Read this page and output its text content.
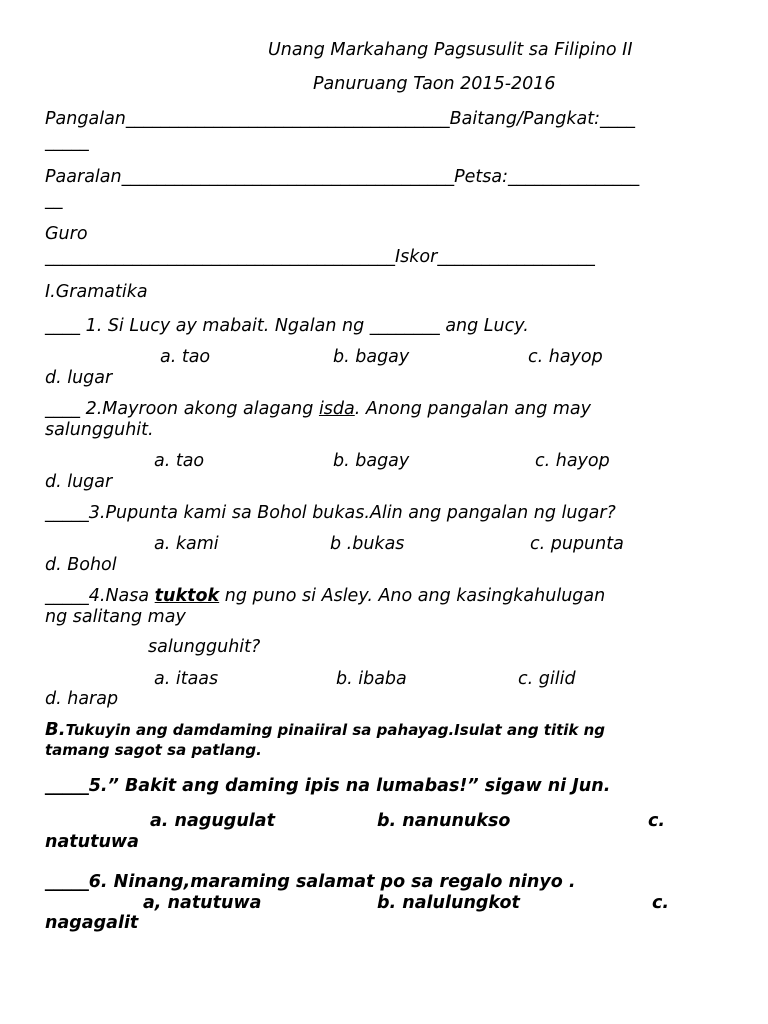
Unang Markahang Pagsusulit sa Filipino II
Panuruang Taon 2015-2016
Pangalan_____________________________________Baitang/Pangkat:____
_____
Paaralan______________________________________Petsa:_______________
__
Guro
________________________________________Iskor__________________
I.Gramatika
____ 1. Si Lucy ay mabait. Ngalan ng ________ ang Lucy.
a. tao	b. bagay	c. hayop
d. lugar
____ 2.Mayroon akong alagang isda. Anong pangalan ang may
salungguhit.
a. tao	b. bagay	c. hayop
d. lugar
_____3.Pupunta kami sa Bohol bukas.Alin ang pangalan ng lugar?
a. kami	b .bukas	c. pupunta
d. Bohol
_____4.Nasa tuktok ng puno si Asley. Ano ang kasingkahulugan
ng salitang may
salungguhit?
a. itaas	b. ibaba	c. gilid
d. harap
B.Tukuyin ang damdaming pinaiiral sa pahayag.Isulat ang titik ng
tamang sagot sa patlang.
_____5.” Bakit ang daming ipis na lumabas!” sigaw ni Jun.
a. nagugulat	b. nanunukso	c.
natutuwa
_____6. Ninang,maraming salamat po sa regalo ninyo .
a, natutuwa	b. nalulungkot	c.
nagagalit
